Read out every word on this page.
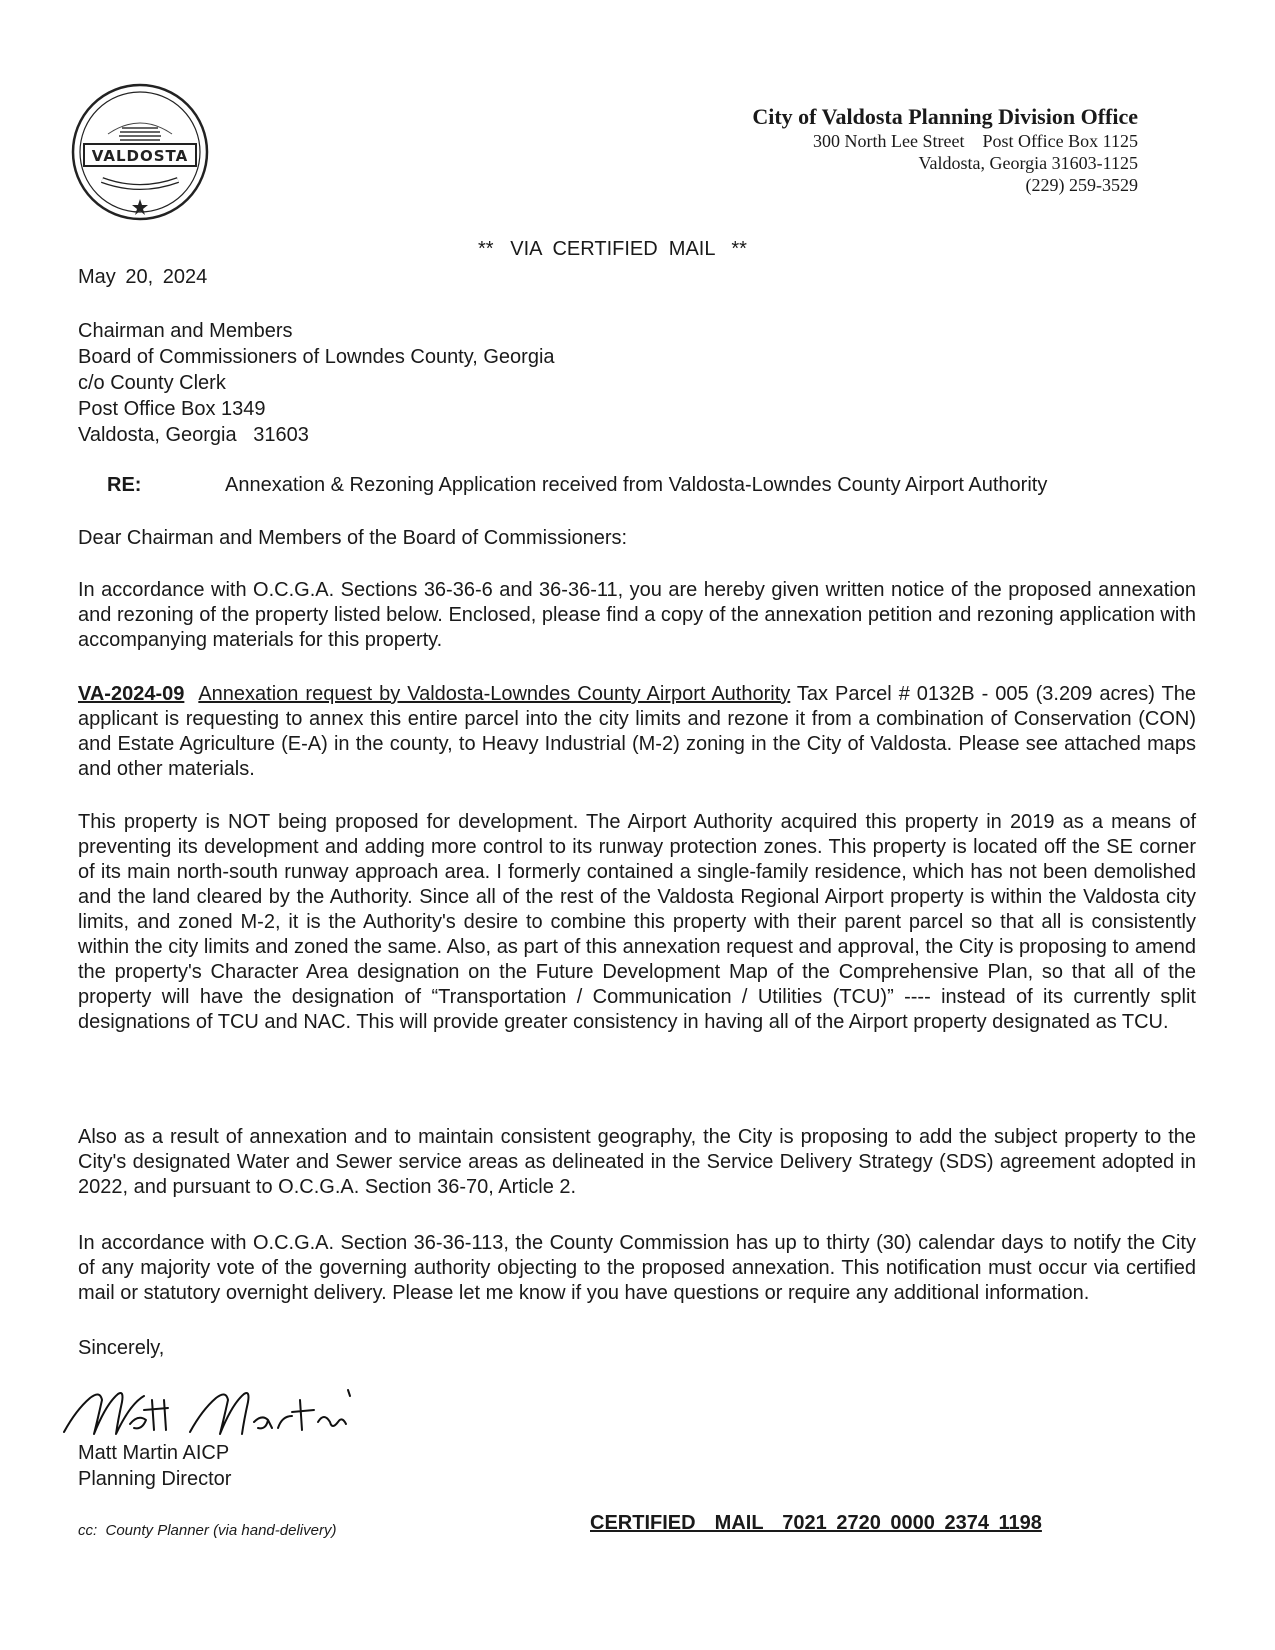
VALDOSTA
City of Valdosta Planning Division Office
300 North Lee Street    Post Office Box 1125
Valdosta, Georgia 31603-1125
(229) 259-3529
**   VIA  CERTIFIED  MAIL   **
May 20, 2024
Chairman and Members
Board of Commissioners of Lowndes County, Georgia
c/o County Clerk
Post Office Box 1349
Valdosta, Georgia   31603
RE:	Annexation & Rezoning Application received from Valdosta-Lowndes County Airport Authority
Dear Chairman and Members of the Board of Commissioners:
In accordance with O.C.G.A. Sections 36-36-6 and 36-36-11, you are hereby given written notice of the proposed annexation and rezoning of the property listed below. Enclosed, please find a copy of the annexation petition and rezoning application with accompanying materials for this property.
VA-2024-09 Annexation request by Valdosta-Lowndes County Airport Authority Tax Parcel # 0132B - 005 (3.209 acres) The applicant is requesting to annex this entire parcel into the city limits and rezone it from a combination of Conservation (CON) and Estate Agriculture (E-A) in the county, to Heavy Industrial (M-2) zoning in the City of Valdosta. Please see attached maps and other materials.
This property is NOT being proposed for development. The Airport Authority acquired this property in 2019 as a means of preventing its development and adding more control to its runway protection zones. This property is located off the SE corner of its main north-south runway approach area. I formerly contained a single-family residence, which has not been demolished and the land cleared by the Authority. Since all of the rest of the Valdosta Regional Airport property is within the Valdosta city limits, and zoned M-2, it is the Authority's desire to combine this property with their parent parcel so that all is consistently within the city limits and zoned the same. Also, as part of this annexation request and approval, the City is proposing to amend the property's Character Area designation on the Future Development Map of the Comprehensive Plan, so that all of the property will have the designation of “Transportation / Communication / Utilities (TCU)” ---- instead of its currently split designations of TCU and NAC. This will provide greater consistency in having all of the Airport property designated as TCU.
Also as a result of annexation and to maintain consistent geography, the City is proposing to add the subject property to the City's designated Water and Sewer service areas as delineated in the Service Delivery Strategy (SDS) agreement adopted in 2022, and pursuant to O.C.G.A. Section 36-70, Article 2.
In accordance with O.C.G.A. Section 36-36-113, the County Commission has up to thirty (30) calendar days to notify the City of any majority vote of the governing authority objecting to the proposed annexation. This notification must occur via certified mail or statutory overnight delivery. Please let me know if you have questions or require any additional information.
Sincerely,
Matt Martin AICP
Planning Director
cc:  County Planner (via hand-delivery)	CERTIFIED  MAIL  7021 2720 0000 2374 1198
